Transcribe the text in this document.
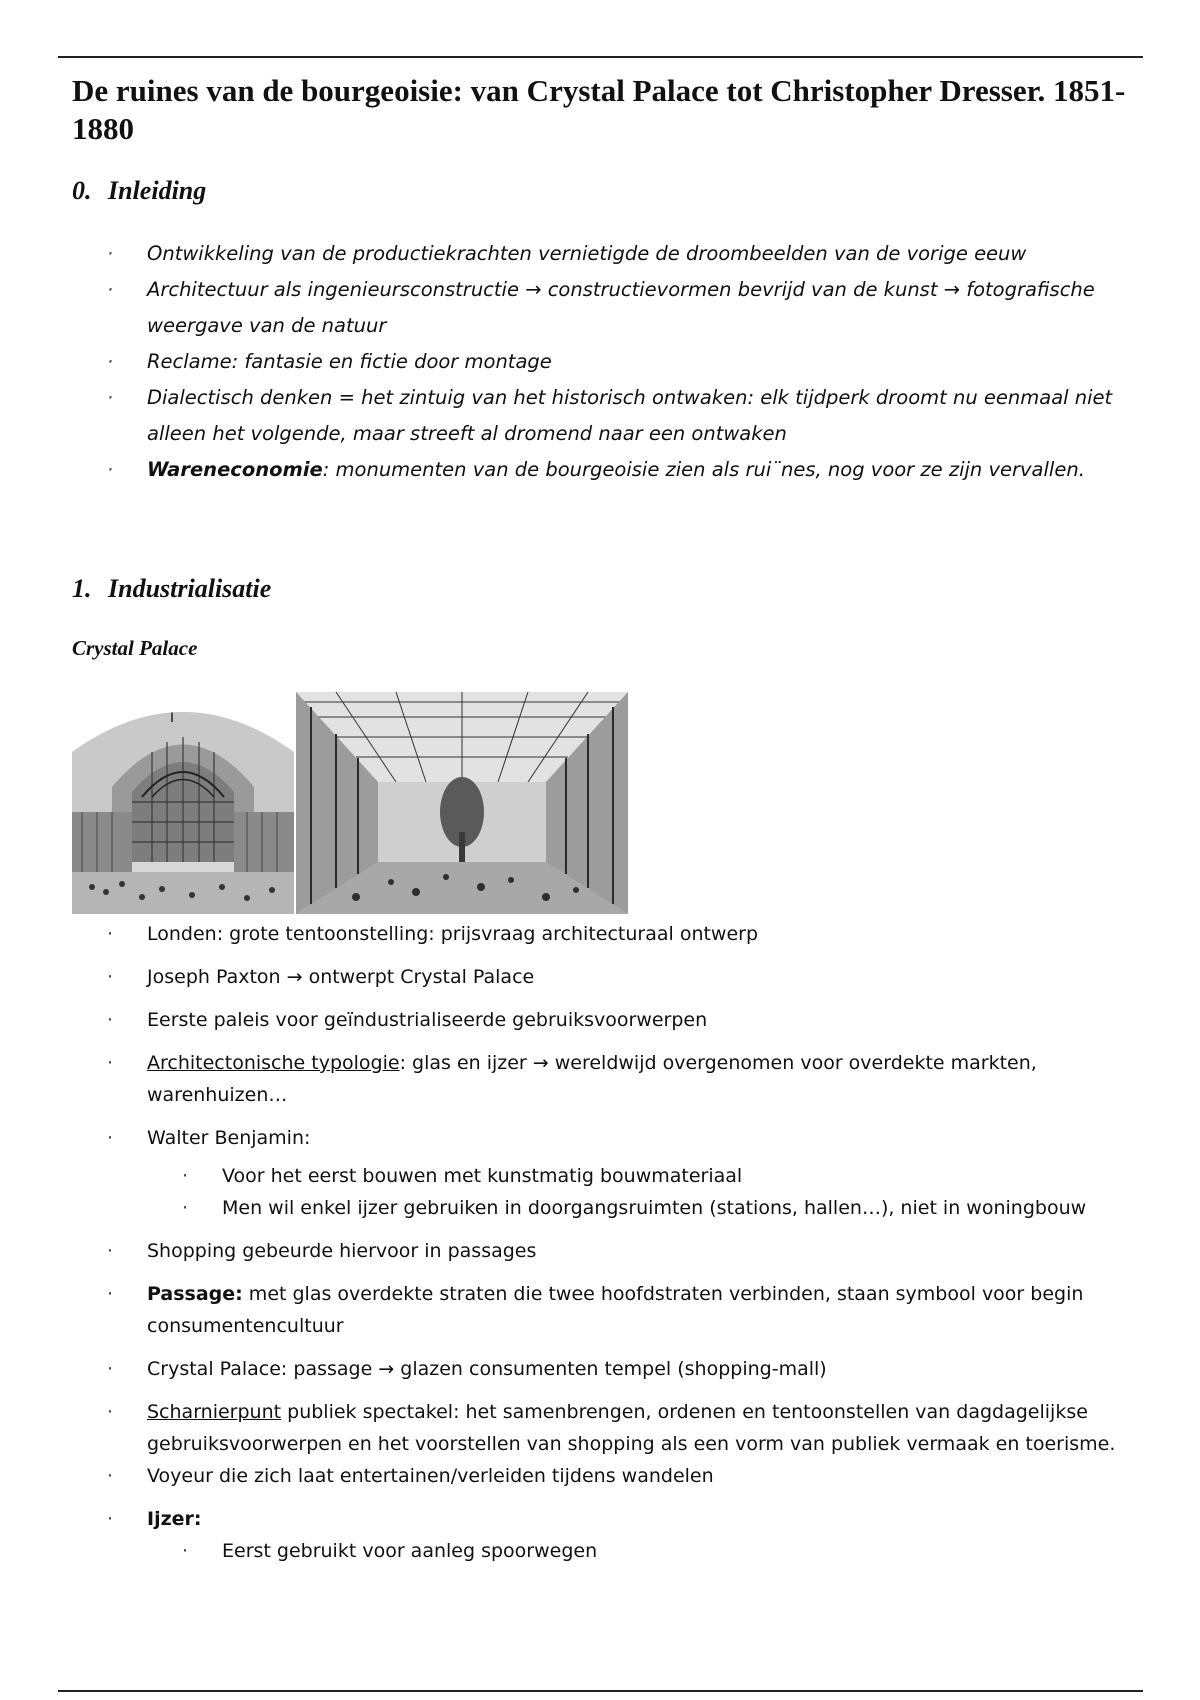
De ruines van de bourgeoisie: van Crystal Palace tot Christopher Dresser. 1851-1880
0. Inleiding
· Ontwikkeling van de productiekrachten vernietigde de droombeelden van de vorige eeuw
· Architectuur als ingenieursconstructie → constructievormen bevrijd van de kunst → fotografische weergave van de natuur
· Reclame: fantasie en fictie door montage
· Dialectisch denken = het zintuig van het historisch ontwaken: elk tijdperk droomt nu eenmaal niet alleen het volgende, maar streeft al dromend naar een ontwaken
· Wareneconomie: monumenten van de bourgeoisie zien als rui¨nes, nog voor ze zijn vervallen.
1. Industrialisatie
Crystal Palace
· Londen: grote tentoonstelling: prijsvraag architecturaal ontwerp
· Joseph Paxton → ontwerpt Crystal Palace
· Eerste paleis voor geïndustrialiseerde gebruiksvoorwerpen
· Architectonische typologie: glas en ijzer → wereldwijd overgenomen voor overdekte markten, warenhuizen…
· Walter Benjamin:
· Voor het eerst bouwen met kunstmatig bouwmateriaal
· Men wil enkel ijzer gebruiken in doorgangsruimten (stations, hallen…), niet in woningbouw
· Shopping gebeurde hiervoor in passages
· Passage: met glas overdekte straten die twee hoofdstraten verbinden, staan symbool voor begin consumentencultuur
· Crystal Palace: passage → glazen consumenten tempel (shopping-mall)
· Scharnierpunt publiek spectakel: het samenbrengen, ordenen en tentoonstellen van dagdagelijkse gebruiksvoorwerpen en het voorstellen van shopping als een vorm van publiek vermaak en toerisme.
· Voyeur die zich laat entertainen/verleiden tijdens wandelen
· Ijzer:
· Eerst gebruikt voor aanleg spoorwegen
